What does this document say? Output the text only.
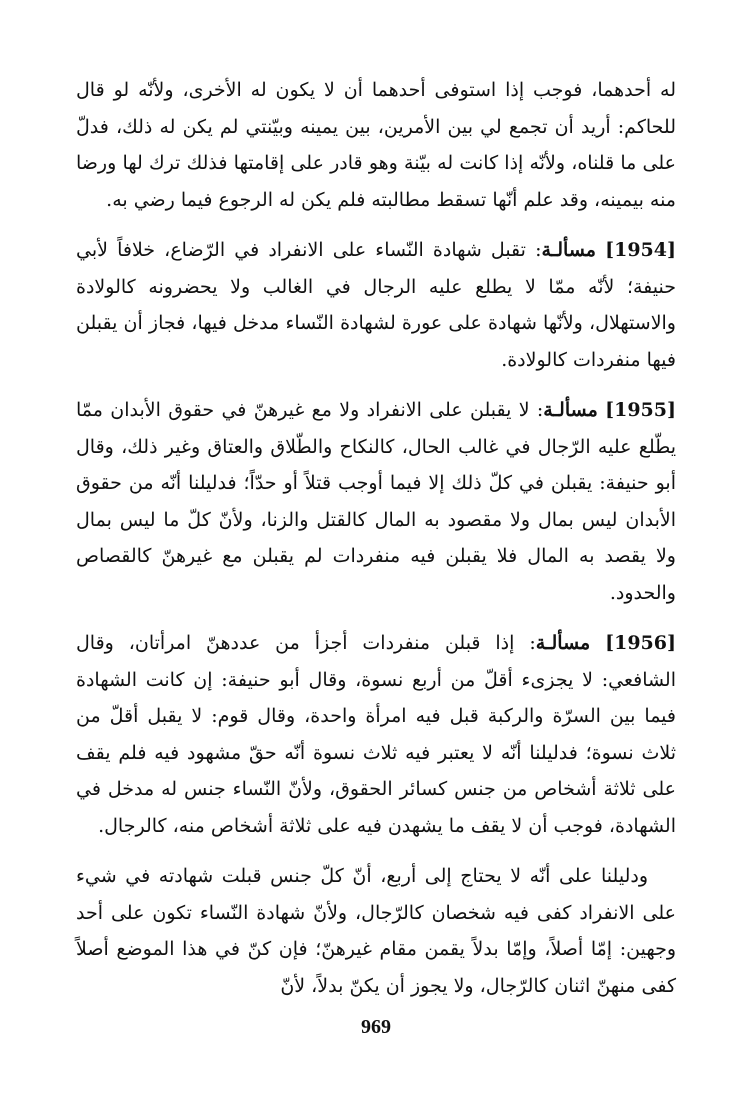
له أحدهما، فوجب إذا استوفى أحدهما أن لا يكون له الأخرى، ولأنّه لو قال للحاكم: أريد أن تجمع لي بين الأمرين، بين يمينه وبيّنتي لم يكن له ذلك، فدلّ على ما قلناه، ولأنّه إذا كانت له بيّنة وهو قادر على إقامتها فذلك ترك لها ورضا منه بيمينه، وقد علم أنّها تسقط مطالبته فلم يكن له الرجوع فيما رضي به.

[1954] مسألـة: تقبل شهادة النّساء على الانفراد في الرّضاع، خلافاً لأبي حنيفة؛ لأنّه ممّا لا يطلع عليه الرجال في الغالب ولا يحضرونه كالولادة والاستهلال، ولأنّها شهادة على عورة لشهادة النّساء مدخل فيها، فجاز أن يقبلن فيها منفردات كالولادة.

[1955] مسألـة: لا يقبلن على الانفراد ولا مع غيرهنّ في حقوق الأبدان ممّا يطّلع عليه الرّجال في غالب الحال، كالنكاح والطّلاق والعتاق وغير ذلك، وقال أبو حنيفة: يقبلن في كلّ ذلك إلا فيما أوجب قتلاً أو حدّاً؛ فدليلنا أنّه من حقوق الأبدان ليس بمال ولا مقصود به المال كالقتل والزنا، ولأنّ كلّ ما ليس بمال ولا يقصد به المال فلا يقبلن فيه منفردات لم يقبلن مع غيرهنّ كالقصاص والحدود.

[1956] مسألـة: إذا قبلن منفردات أجزأ من عددهنّ امرأتان، وقال الشافعي: لا يجزىء أقلّ من أربع نسوة، وقال أبو حنيفة: إن كانت الشهادة فيما بين السرّة والركبة قبل فيه امرأة واحدة، وقال قوم: لا يقبل أقلّ من ثلاث نسوة؛ فدليلنا أنّه لا يعتبر فيه ثلاث نسوة أنّه حقّ مشهود فيه فلم يقف على ثلاثة أشخاص من جنس كسائر الحقوق، ولأنّ النّساء جنس له مدخل في الشهادة، فوجب أن لا يقف ما يشهدن فيه على ثلاثة أشخاص منه، كالرجال.

ودليلنا على أنّه لا يحتاج إلى أربع، أنّ كلّ جنس قبلت شهادته في شيء على الانفراد كفى فيه شخصان كالرّجال، ولأنّ شهادة النّساء تكون على أحد وجهين: إمّا أصلاً، وإمّا بدلاً يقمن مقام غيرهنّ؛ فإن كنّ في هذا الموضع أصلاً كفى منهنّ اثنان كالرّجال، ولا يجوز أن يكنّ بدلاً، لأنّ

969
